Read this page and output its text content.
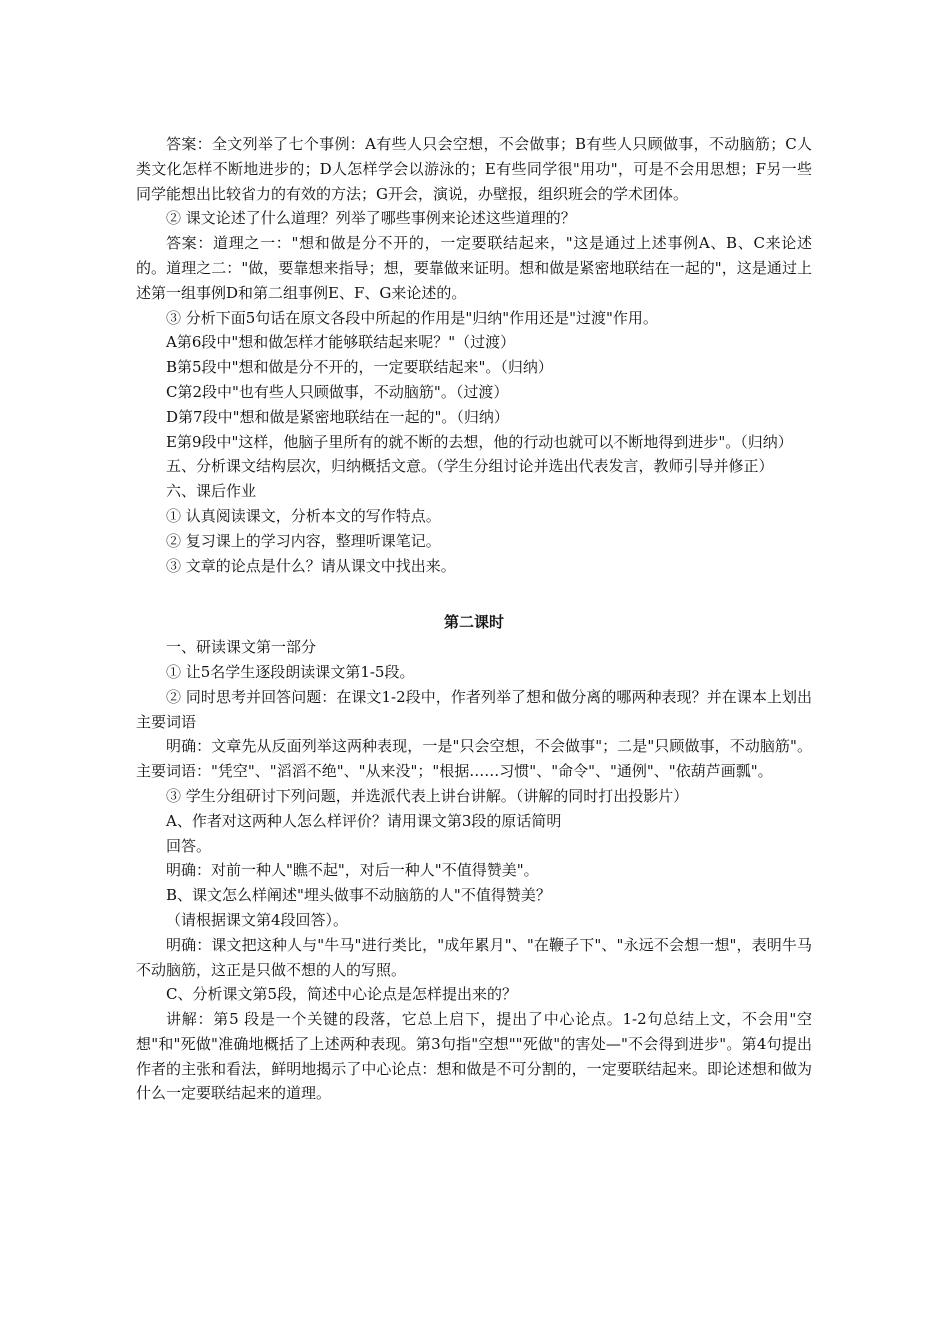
答案：全文列举了七个事例：A有些人只会空想，不会做事；B有些人只顾做事，不动脑筋；C人类文化怎样不断地进步的；D人怎样学会以游泳的；E有些同学很"用功"，可是不会用思想；F另一些同学能想出比较省力的有效的方法；G开会，演说，办壁报，组织班会的学术团体。

② 课文论述了什么道理？列举了哪些事例来论述这些道理的？

答案：道理之一："想和做是分不开的，一定要联结起来，"这是通过上述事例A、B、C来论述的。道理之二："做，要靠想来指导；想，要靠做来证明。想和做是紧密地联结在一起的"，这是通过上述第一组事例D和第二组事例E、F、G来论述的。

③ 分析下面5句话在原文各段中所起的作用是"归纳"作用还是"过渡"作用。

A第6段中"想和做怎样才能够联结起来呢？"（过渡）

B第5段中"想和做是分不开的，一定要联结起来"。（归纳）

C第2段中"也有些人只顾做事，不动脑筋"。（过渡）

D第7段中"想和做是紧密地联结在一起的"。（归纳）

E第9段中"这样，他脑子里所有的就不断的去想，他的行动也就可以不断地得到进步"。（归纳）

五、分析课文结构层次，归纳概括文意。（学生分组讨论并选出代表发言，教师引导并修正）

六、课后作业

① 认真阅读课文，分析本文的写作特点。

② 复习课上的学习内容，整理听课笔记。

③ 文章的论点是什么？请从课文中找出来。

第二课时

一、研读课文第一部分

① 让5名学生逐段朗读课文第1-5段。

② 同时思考并回答问题：在课文1-2段中，作者列举了想和做分离的哪两种表现？并在课本上划出主要词语

明确：文章先从反面列举这两种表现，一是"只会空想，不会做事"；二是"只顾做事，不动脑筋"。主要词语："凭空"、"滔滔不绝"、"从来没"；"根据……习惯"、"命令"、"通例"、"依葫芦画瓢"。

③ 学生分组研讨下列问题，并选派代表上讲台讲解。（讲解的同时打出投影片）

A、作者对这两种人怎么样评价？请用课文第3段的原话简明

回答。

明确：对前一种人"瞧不起"，对后一种人"不值得赞美"。

B、课文怎么样阐述"埋头做事不动脑筋的人"不值得赞美？

（请根据课文第4段回答）。

明确：课文把这种人与"牛马"进行类比，"成年累月"、"在鞭子下"、"永远不会想一想"，表明牛马不动脑筋，这正是只做不想的人的写照。

C、分析课文第5段，简述中心论点是怎样提出来的？

讲解：第5 段是一个关键的段落，它总上启下，提出了中心论点。1-2句总结上文，不会用"空想"和"死做"准确地概括了上述两种表现。第3句指"空想""死做"的害处—"不会得到进步"。第4句提出作者的主张和看法，鲜明地揭示了中心论点：想和做是不可分割的，一定要联结起来。即论述想和做为什么一定要联结起来的道理。
